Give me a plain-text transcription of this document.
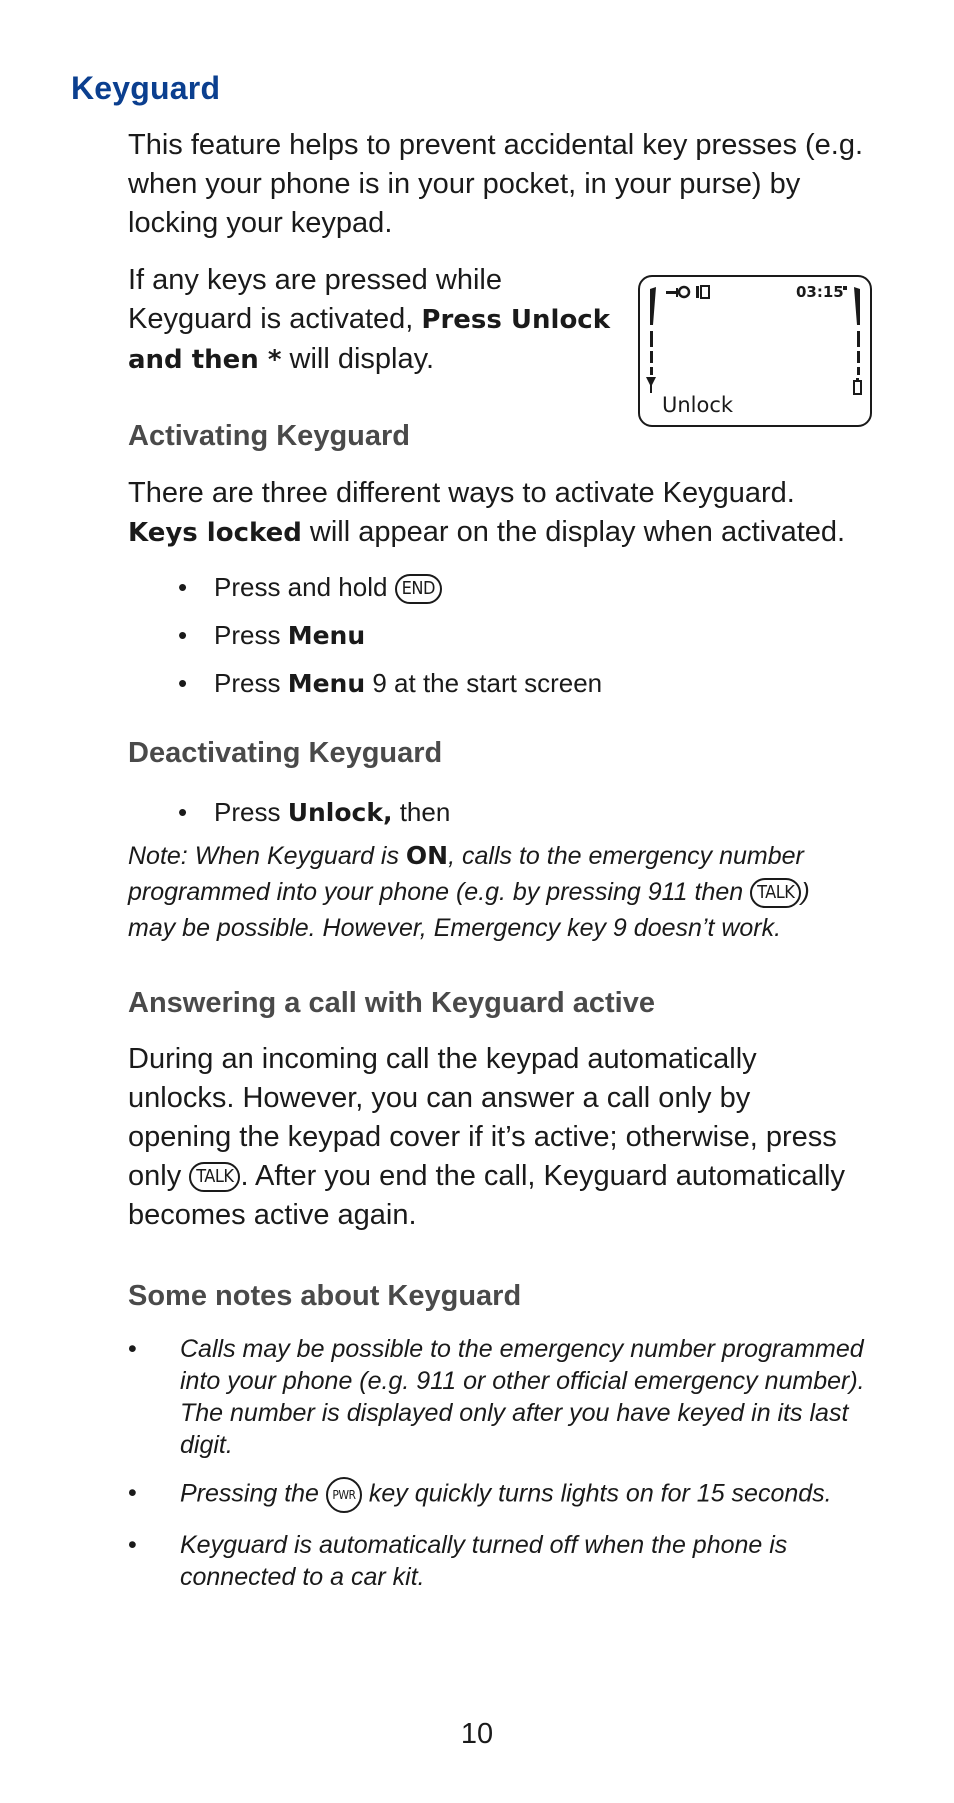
Keyguard
This feature helps to prevent accidental key presses (e.g. when your phone is in your pocket, in your purse) by locking your keypad.
If any keys are pressed while
Keyguard is activated, Press Unlock
and then * will display.
03:15
Unlock
Activating Keyguard
There are three different ways to activate Keyguard.
Keys locked will appear on the display when activated.
• Press and hold END
• Press Menu
• Press Menu 9 at the start screen
Deactivating Keyguard
• Press Unlock, then
Note: When Keyguard is ON, calls to the emergency number
programmed into your phone (e.g. by pressing 911 then TALK )
may be possible. However, Emergency key 9 doesn’t work.
Answering a call with Keyguard active
During an incoming call the keypad automatically
unlocks. However, you can answer a call only by
opening the keypad cover if it’s active; otherwise, press
only TALK . After you end the call, Keyguard automatically
becomes active again.
Some notes about Keyguard
• Calls may be possible to the emergency number programmed into your phone (e.g. 911 or other official emergency number). The number is displayed only after you have keyed in its last digit.
• Pressing the PWR key quickly turns lights on for 15 seconds.
• Keyguard is automatically turned off when the phone is connected to a car kit.
10
